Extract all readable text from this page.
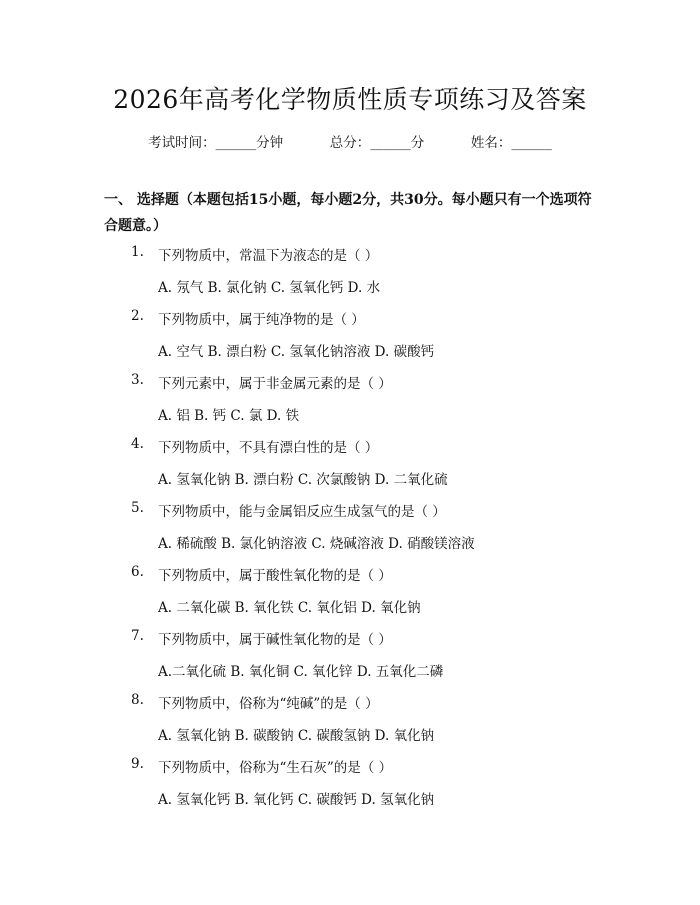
2026年高考化学物质性质专项练习及答案
考试时间：______分钟	总分：______分	姓名：______
一、 选择题（本题包括15小题，每小题2分，共30分。每小题只有一个选项符合题意。）
1. 下列物质中，常温下为液态的是（ ）
A. 氖气 B. 氯化钠 C. 氢氧化钙 D. 水
2. 下列物质中，属于纯净物的是（ ）
A. 空气 B. 漂白粉 C. 氢氧化钠溶液 D. 碳酸钙
3. 下列元素中，属于非金属元素的是（ ）
A. 铝 B. 钙 C. 氯 D. 铁
4. 下列物质中，不具有漂白性的是（ ）
A. 氢氧化钠 B. 漂白粉 C. 次氯酸钠 D. 二氧化硫
5. 下列物质中，能与金属铝反应生成氢气的是（ ）
A. 稀硫酸 B. 氯化钠溶液 C. 烧碱溶液 D. 硝酸镁溶液
6. 下列物质中，属于酸性氧化物的是（ ）
A. 二氧化碳 B. 氧化铁 C. 氧化铝 D. 氧化钠
7. 下列物质中，属于碱性氧化物的是（ ）
A.二氧化硫 B. 氧化铜 C. 氧化锌 D. 五氧化二磷
8. 下列物质中，俗称为“纯碱”的是（ ）
A. 氢氧化钠 B. 碳酸钠 C. 碳酸氢钠 D. 氧化钠
9. 下列物质中，俗称为“生石灰”的是（ ）
A. 氢氧化钙 B. 氧化钙 C. 碳酸钙 D. 氢氧化钠
